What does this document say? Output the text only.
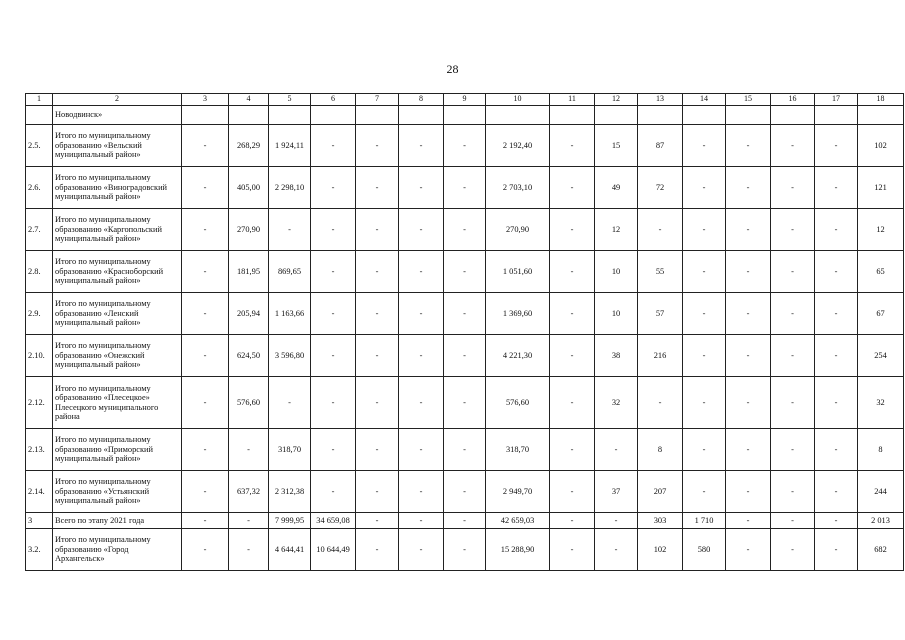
28
1	2	3	4	5	6	7	8	9	10	11	12	13	14	15	16	17	18
	Новодвинск»																
2.5.	Итого по муниципальному образованию «Вельский муниципальный район»	-	268,29	1 924,11	-	-	-	-	2 192,40	-	15	87	-	-	-	-	102
2.6.	Итого по муниципальному образованию «Виноградовский муниципальный район»	-	405,00	2 298,10	-	-	-	-	2 703,10	-	49	72	-	-	-	-	121
2.7.	Итого по муниципальному образованию «Каргопольский муниципальный район»	-	270,90	-	-	-	-	-	270,90	-	12	-	-	-	-	-	12
2.8.	Итого по муниципальному образованию «Красноборский муниципальный район»	-	181,95	869,65	-	-	-	-	1 051,60	-	10	55	-	-	-	-	65
2.9.	Итого по муниципальному образованию «Ленский муниципальный район»	-	205,94	1 163,66	-	-	-	-	1 369,60	-	10	57	-	-	-	-	67
2.10.	Итого по муниципальному образованию «Онежский муниципальный район»	-	624,50	3 596,80	-	-	-	-	4 221,30	-	38	216	-	-	-	-	254
2.12.	Итого по муниципальному образованию «Плесецкое» Плесецкого муниципального района	-	576,60	-	-	-	-	-	576,60	-	32	-	-	-	-	-	32
2.13.	Итого по муниципальному образованию «Приморский муниципальный район»	-	-	318,70	-	-	-	-	318,70	-	-	8	-	-	-	-	8
2.14.	Итого по муниципальному образованию «Устьянский муниципальный район»	-	637,32	2 312,38	-	-	-	-	2 949,70	-	37	207	-	-	-	-	244
3	Всего по этапу 2021 года	-	-	7 999,95	34 659,08	-	-	-	42 659,03	-	-	303	1 710	-	-	-	2 013
3.2.	Итого по муниципальному образованию «Город Архангельск»	-	-	4 644,41	10 644,49	-	-	-	15 288,90	-	-	102	580	-	-	-	682
